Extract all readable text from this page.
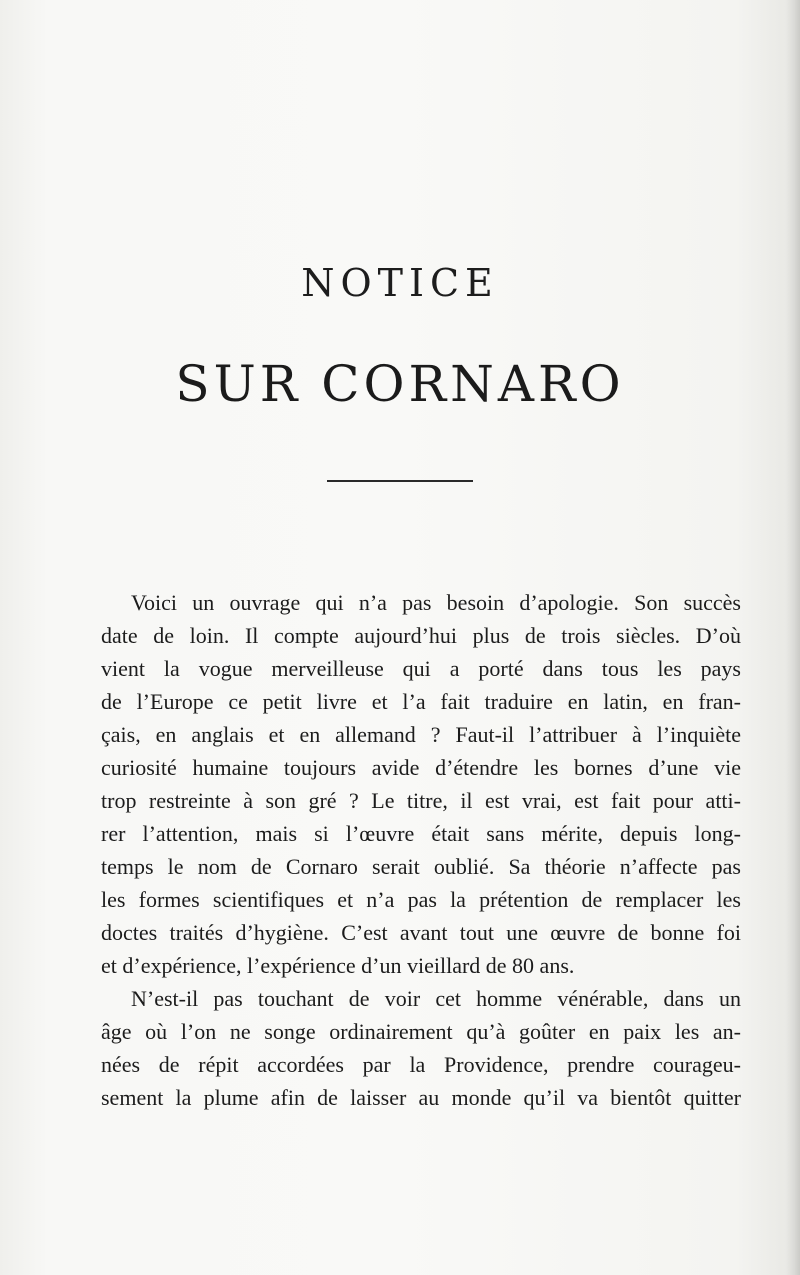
NOTICE
SUR CORNARO
Voici un ouvrage qui n’a pas besoin d’apologie. Son succès
date de loin. Il compte aujourd’hui plus de trois siècles. D’où
vient la vogue merveilleuse qui a porté dans tous les pays
de l’Europe ce petit livre et l’a fait traduire en latin, en fran-
çais, en anglais et en allemand ? Faut-il l’attribuer à l’inquiète
curiosité humaine toujours avide d’étendre les bornes d’une vie
trop restreinte à son gré ? Le titre, il est vrai, est fait pour atti-
rer l’attention, mais si l’œuvre était sans mérite, depuis long-
temps le nom de Cornaro serait oublié. Sa théorie n’affecte pas
les formes scientifiques et n’a pas la prétention de remplacer les
doctes traités d’hygiène. C’est avant tout une œuvre de bonne foi
et d’expérience, l’expérience d’un vieillard de 80 ans.
N’est-il pas touchant de voir cet homme vénérable, dans un
âge où l’on ne songe ordinairement qu’à goûter en paix les an-
nées de répit accordées par la Providence, prendre courageu-
sement la plume afin de laisser au monde qu’il va bientôt quitter
